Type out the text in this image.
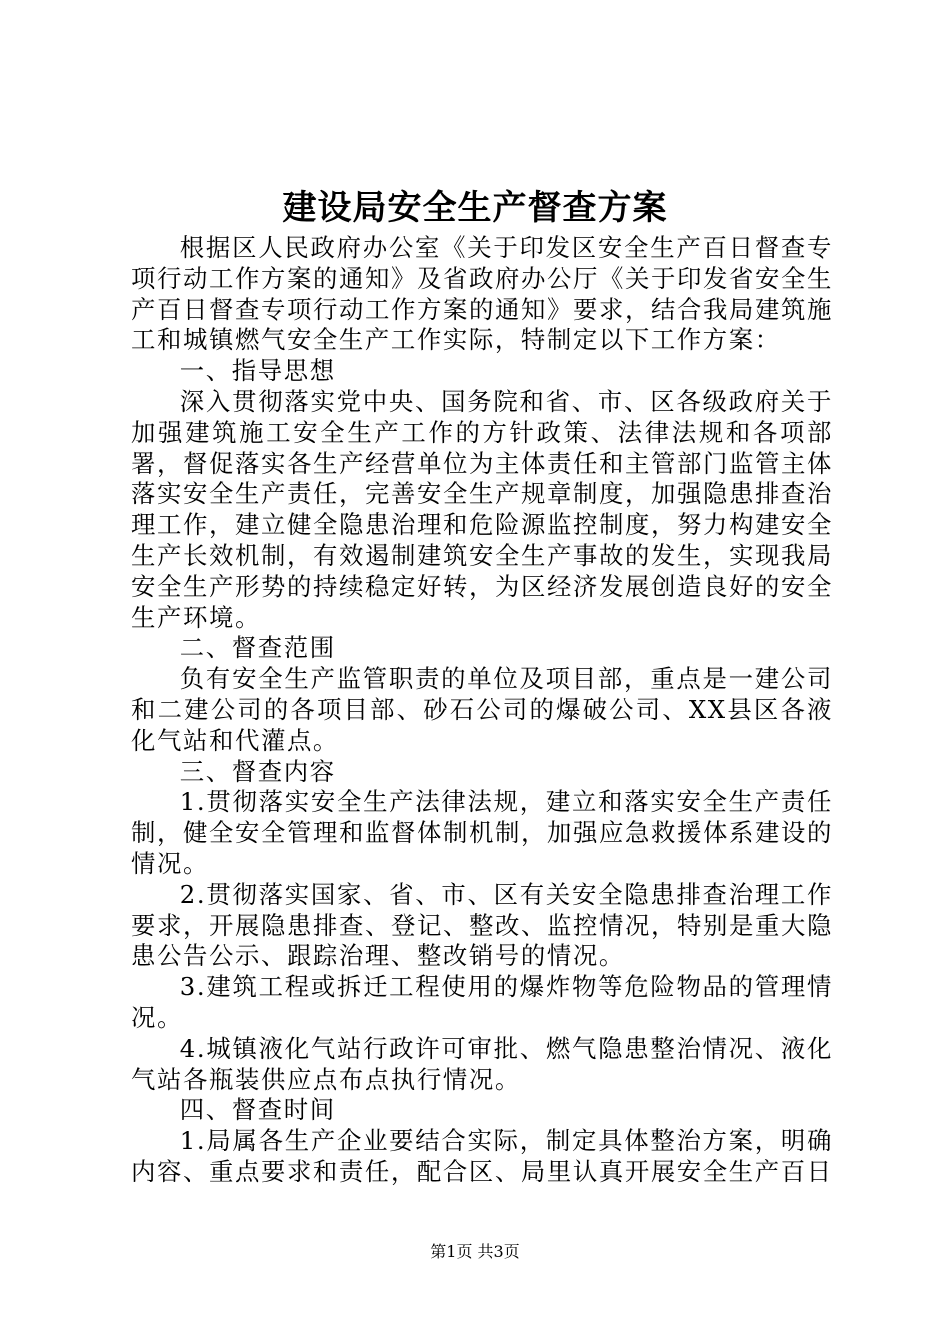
建设局安全生产督查方案

根据区人民政府办公室《关于印发区安全生产百日督查专项行动工作方案的通知》及省政府办公厅《关于印发省安全生产百日督查专项行动工作方案的通知》要求，结合我局建筑施工和城镇燃气安全生产工作实际，特制定以下工作方案：

一、指导思想

深入贯彻落实党中央、国务院和省、市、区各级政府关于加强建筑施工安全生产工作的方针政策、法律法规和各项部署，督促落实各生产经营单位为主体责任和主管部门监管主体落实安全生产责任，完善安全生产规章制度，加强隐患排查治理工作，建立健全隐患治理和危险源监控制度，努力构建安全生产长效机制，有效遏制建筑安全生产事故的发生，实现我局安全生产形势的持续稳定好转，为区经济发展创造良好的安全生产环境。

二、督查范围

负有安全生产监管职责的单位及项目部，重点是一建公司和二建公司的各项目部、砂石公司的爆破公司、XX县区各液化气站和代灌点。

三、督查内容

1.贯彻落实安全生产法律法规，建立和落实安全生产责任制，健全安全管理和监督体制机制，加强应急救援体系建设的情况。

2.贯彻落实国家、省、市、区有关安全隐患排查治理工作要求，开展隐患排查、登记、整改、监控情况，特别是重大隐患公告公示、跟踪治理、整改销号的情况。

3.建筑工程或拆迁工程使用的爆炸物等危险物品的管理情况。

4.城镇液化气站行政许可审批、燃气隐患整治情况、液化气站各瓶装供应点布点执行情况。

四、督查时间

1.局属各生产企业要结合实际，制定具体整治方案，明确内容、重点要求和责任，配合区、局里认真开展安全生产百日

第1页 共3页
